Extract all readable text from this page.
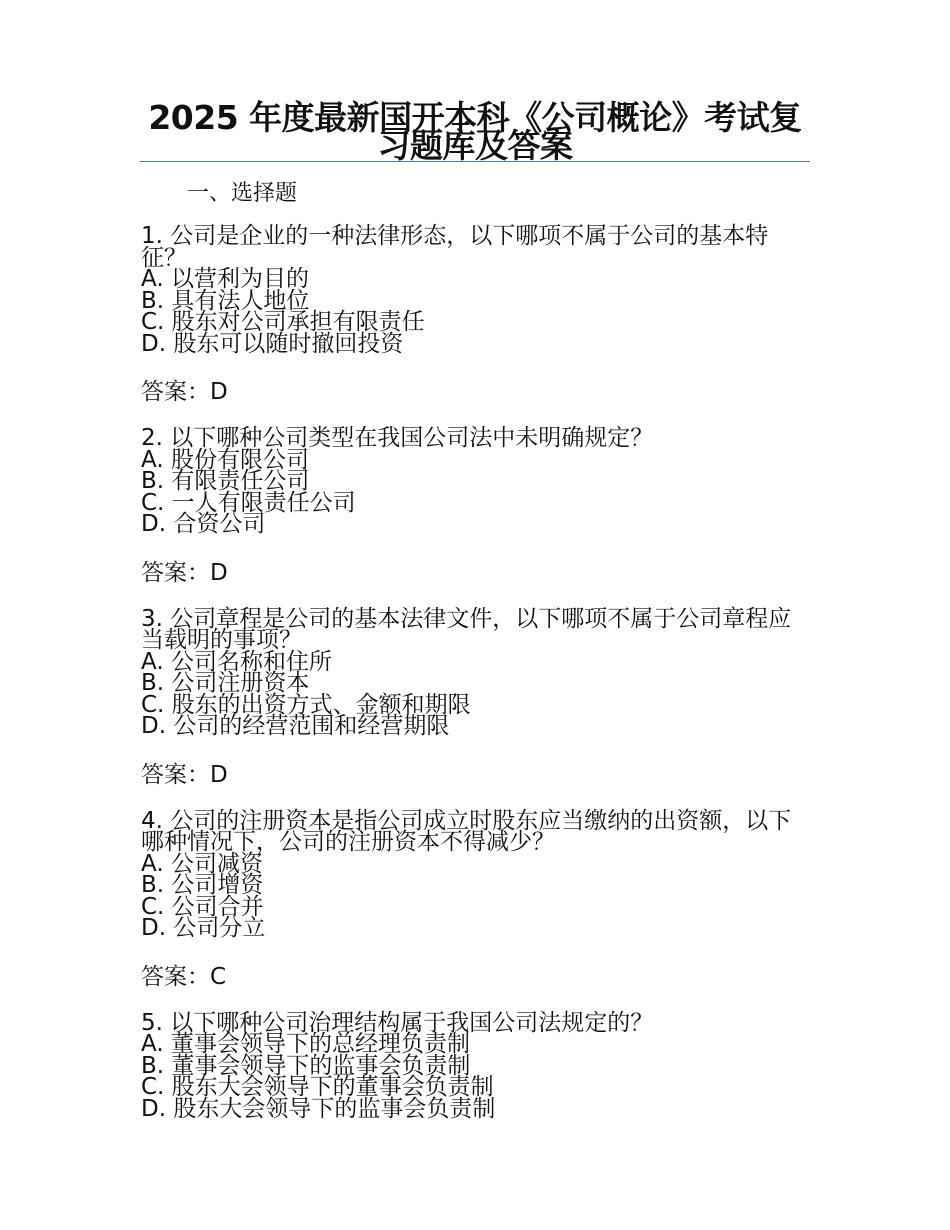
2025 年度最新国开本科《公司概论》考试复习题库及答案
一、选择题

1. 公司是企业的一种法律形态，以下哪项不属于公司的基本特征？

A. 以营利为目的

B. 具有法人地位

C. 股东对公司承担有限责任

D. 股东可以随时撤回投资

答案：D

2. 以下哪种公司类型在我国公司法中未明确规定？

A. 股份有限公司

B. 有限责任公司

C. 一人有限责任公司

D. 合资公司

答案：D

3. 公司章程是公司的基本法律文件，以下哪项不属于公司章程应当载明的事项？

A. 公司名称和住所

B. 公司注册资本

C. 股东的出资方式、金额和期限

D. 公司的经营范围和经营期限

答案：D

4. 公司的注册资本是指公司成立时股东应当缴纳的出资额，以下哪种情况下，公司的注册资本不得减少？

A. 公司减资

B. 公司增资

C. 公司合并

D. 公司分立

答案：C

5. 以下哪种公司治理结构属于我国公司法规定的？

A. 董事会领导下的总经理负责制

B. 董事会领导下的监事会负责制

C. 股东大会领导下的董事会负责制

D. 股东大会领导下的监事会负责制
